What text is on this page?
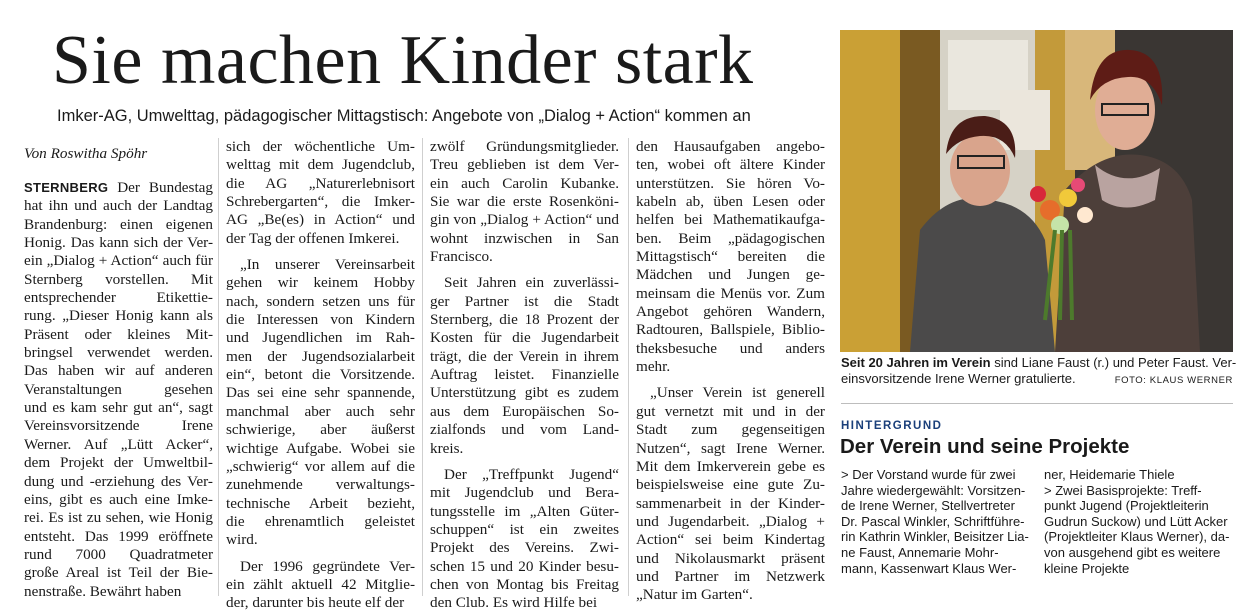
Sie machen Kinder stark
Imker-AG, Umwelttag, pädagogischer Mittagstisch: Angebote von „Dialog + Action“ kommen an
Von Roswitha Spöhr
STERNBERG Der Bundestag
hat ihn und auch der Landtag
Brandenburg: einen eigenen
Honig. Das kann sich der Ver-
ein „Dialog + Action“ auch für
Sternberg vorstellen. Mit
entsprechender Etikettie-
rung. „Dieser Honig kann als
Präsent oder kleines Mit-
bringsel verwendet werden.
Das haben wir auf anderen
Veranstaltungen gesehen
und es kam sehr gut an“, sagt
Vereinsvorsitzende Irene
Werner. Auf „Lütt Acker“,
dem Projekt der Umweltbil-
dung und -erziehung des Ver-
eins, gibt es auch eine Imke-
rei. Es ist zu sehen, wie Honig
entsteht. Das 1999 eröffnete
rund 7000 Quadratmeter
große Areal ist Teil der Bie-
nenstraße. Bewährt haben
sich der wöchentliche Um-
welttag mit dem Jugendclub,
die AG „Naturerlebnisort
Schrebergarten“, die Imker-
AG „Be(es) in Action“ und
der Tag der offenen Imkerei.
„In unserer Vereinsarbeit
gehen wir keinem Hobby
nach, sondern setzen uns für
die Interessen von Kindern
und Jugendlichen im Rah-
men der Jugendsozialarbeit
ein“, betont die Vorsitzende.
Das sei eine sehr spannende,
manchmal aber auch sehr
schwierige, aber äußerst
wichtige Aufgabe. Wobei sie
„schwierig“ vor allem auf die
zunehmende verwaltungs-
technische Arbeit bezieht,
die ehrenamtlich geleistet
wird.
Der 1996 gegründete Ver-
ein zählt aktuell 42 Mitglie-
der, darunter bis heute elf der
zwölf Gründungsmitglieder.
Treu geblieben ist dem Ver-
ein auch Carolin Kubanke.
Sie war die erste Rosenköni-
gin von „Dialog + Action“ und
wohnt inzwischen in San
Francisco.
Seit Jahren ein zuverlässi-
ger Partner ist die Stadt
Sternberg, die 18 Prozent der
Kosten für die Jugendarbeit
trägt, die der Verein in ihrem
Auftrag leistet. Finanzielle
Unterstützung gibt es zudem
aus dem Europäischen So-
zialfonds und vom Land-
kreis.
Der „Treffpunkt Jugend“
mit Jugendclub und Bera-
tungsstelle im „Alten Güter-
schuppen“ ist ein zweites
Projekt des Vereins. Zwi-
schen 15 und 20 Kinder besu-
chen von Montag bis Freitag
den Club. Es wird Hilfe bei
den Hausaufgaben angebo-
ten, wobei oft ältere Kinder
unterstützen. Sie hören Vo-
kabeln ab, üben Lesen oder
helfen bei Mathematikaufga-
ben. Beim „pädagogischen
Mittagstisch“ bereiten die
Mädchen und Jungen ge-
meinsam die Menüs vor. Zum
Angebot gehören Wandern,
Radtouren, Ballspiele, Biblio-
theksbesuche und anders
mehr.
„Unser Verein ist generell
gut vernetzt mit und in der
Stadt zum gegenseitigen
Nutzen“, sagt Irene Werner.
Mit dem Imkerverein gebe es
beispielsweise eine gute Zu-
sammenarbeit in der Kinder-
und Jugendarbeit. „Dialog +
Action“ sei beim Kindertag
und Nikolausmarkt präsent
und Partner im Netzwerk
„Natur im Garten“.
Seit 20 Jahren im Verein sind Liane Faust (r.) und Peter Faust. Ver-
einsvorsitzende Irene Werner gratulierte.	FOTO: KLAUS WERNER
HINTERGRUND
Der Verein und seine Projekte
> Der Vorstand wurde für zwei
Jahre wiedergewählt: Vorsitzen-
de Irene Werner, Stellvertreter
Dr. Pascal Winkler, Schriftführe-
rin Kathrin Winkler, Beisitzer Lia-
ne Faust, Annemarie Mohr-
mann, Kassenwart Klaus Wer-
ner, Heidemarie Thiele
> Zwei Basisprojekte: Treff-
punkt Jugend (Projektleiterin
Gudrun Suckow) und Lütt Acker
(Projektleiter Klaus Werner), da-
von ausgehend gibt es weitere
kleine Projekte
